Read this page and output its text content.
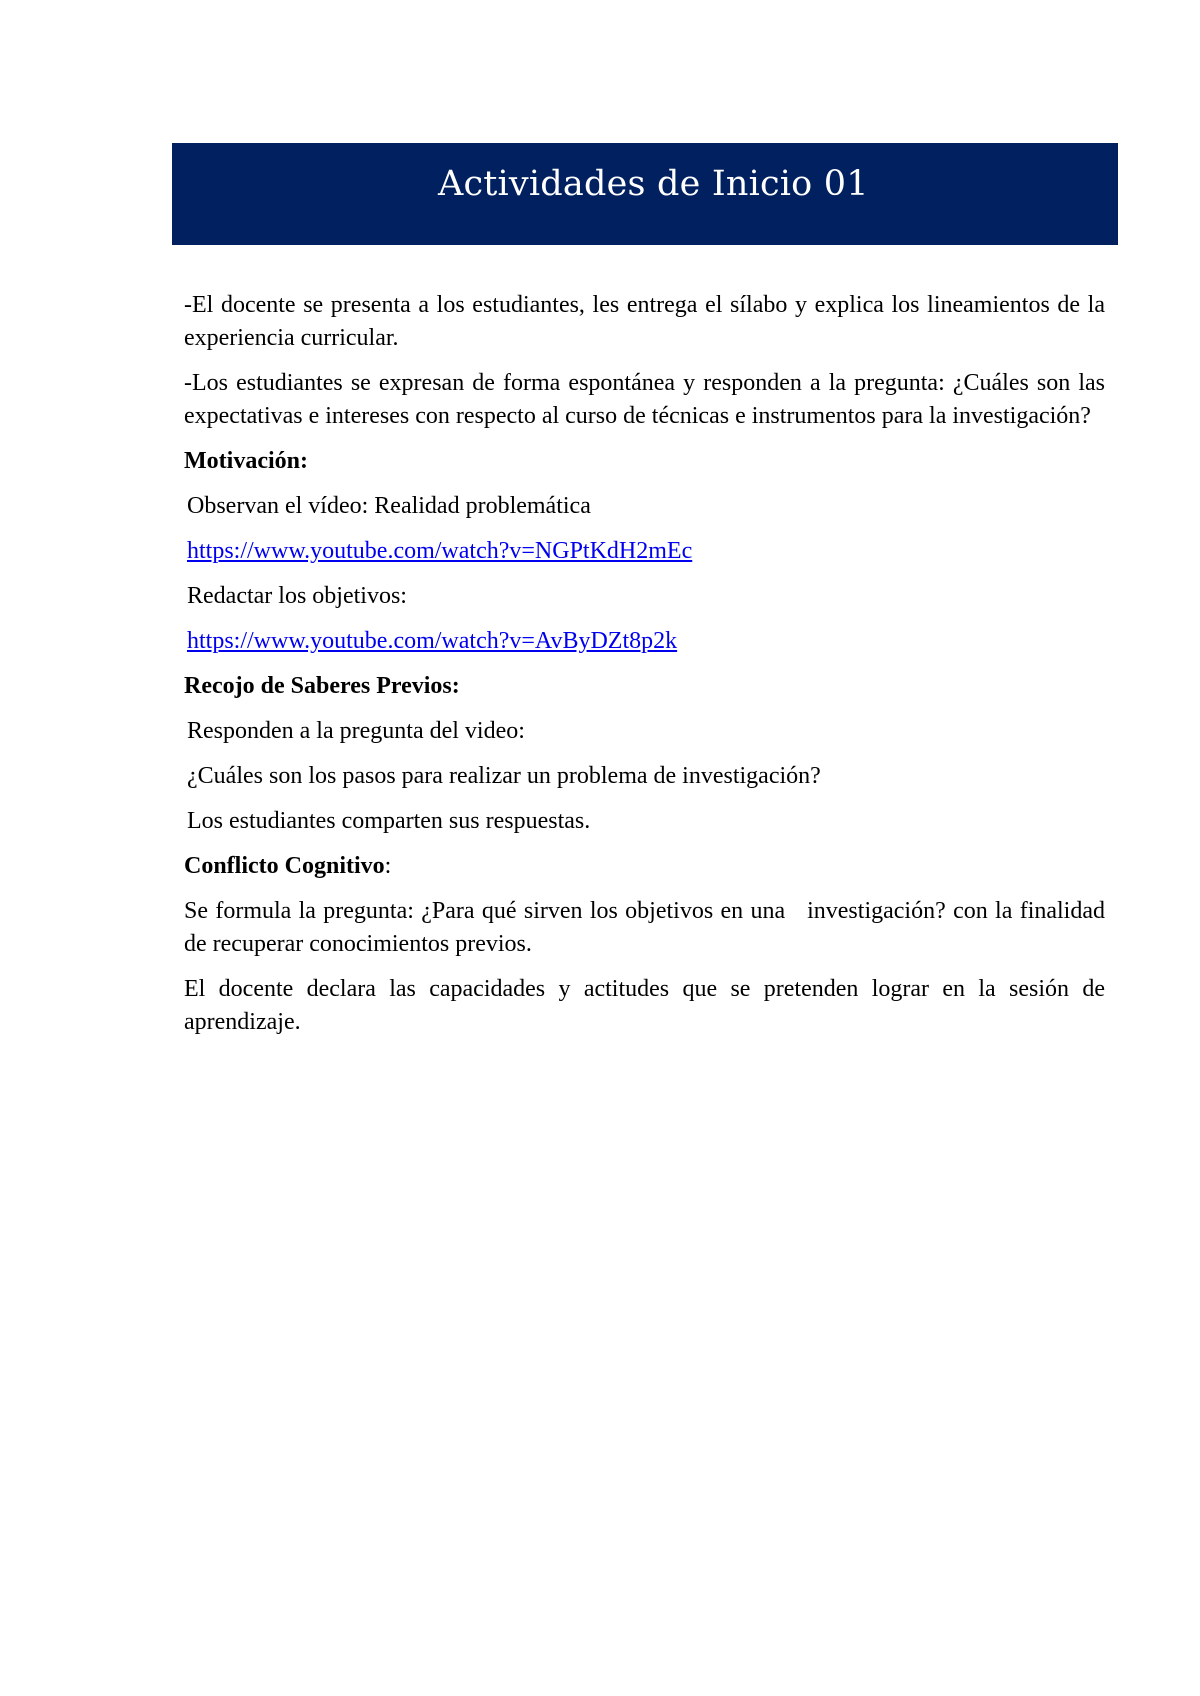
Actividades de Inicio 01

-El docente se presenta a los estudiantes, les entrega el sílabo y explica los lineamientos de la experiencia curricular.

-Los estudiantes se expresan de forma espontánea y responden a la pregunta: ¿Cuáles son las expectativas e intereses con respecto al curso de técnicas e instrumentos para la investigación?

Motivación:
Observan el vídeo: Realidad problemática
https://www.youtube.com/watch?v=NGPtKdH2mEc
Redactar los objetivos:
https://www.youtube.com/watch?v=AvByDZt8p2k
Recojo de Saberes Previos:
Responden a la pregunta del video:
¿Cuáles son los pasos para realizar un problema de investigación?
Los estudiantes comparten sus respuestas.
Conflicto Cognitivo:

Se formula la pregunta: ¿Para qué sirven los objetivos en una   investigación? con la finalidad de recuperar conocimientos previos.

El docente declara las capacidades y actitudes que se pretenden lograr en la sesión de aprendizaje.
